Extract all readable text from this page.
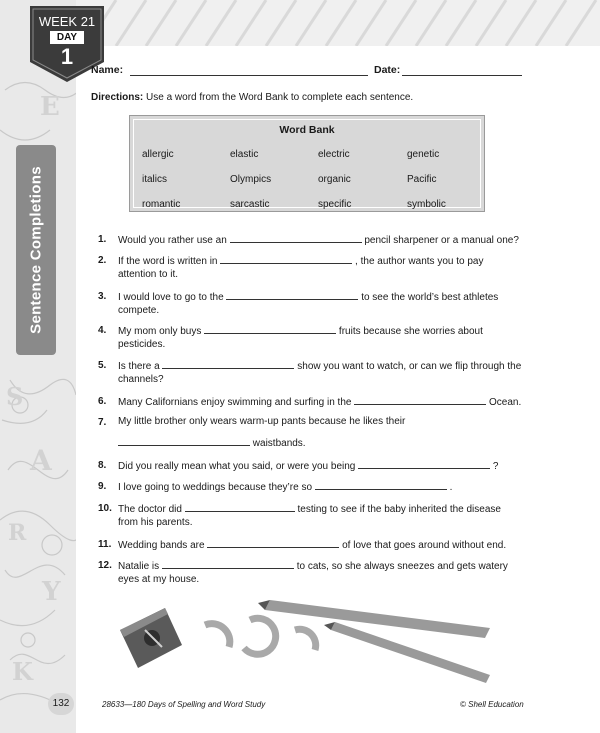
E
S
A
R
Y
K
Sentence Completions
WEEK 21
DAY
1
Name:	Date:
Directions: Use a word from the Word Bank to complete each sentence.
Word Bank
allergic	elastic	electric	genetic
italics	Olympics	organic	Pacific
romantic	sarcastic	specific	symbolic
1. Would you rather use an	pencil sharpener or a manual one?
2. If the word is written in	, the author wants you to pay attention to it.
3. I would love to go to the	to see the world’s best athletes compete.
4. My mom only buys	fruits because she worries about pesticides.
5. Is there a	show you want to watch, or can we flip through the channels?
6. Many Californians enjoy swimming and surfing in the	Ocean.
7. My little brother only wears warm-up pants because he likes their  waistbands.
8. Did you really mean what you said, or were you being	?
9. I love going to weddings because they’re so	.
10. The doctor did	testing to see if the baby inherited the disease from his parents.
11. Wedding bands are	of love that goes around without end.
12. Natalie is	to cats, so she always sneezes and gets watery eyes at my house.
132	28633—180 Days of Spelling and Word Study	© Shell Education
